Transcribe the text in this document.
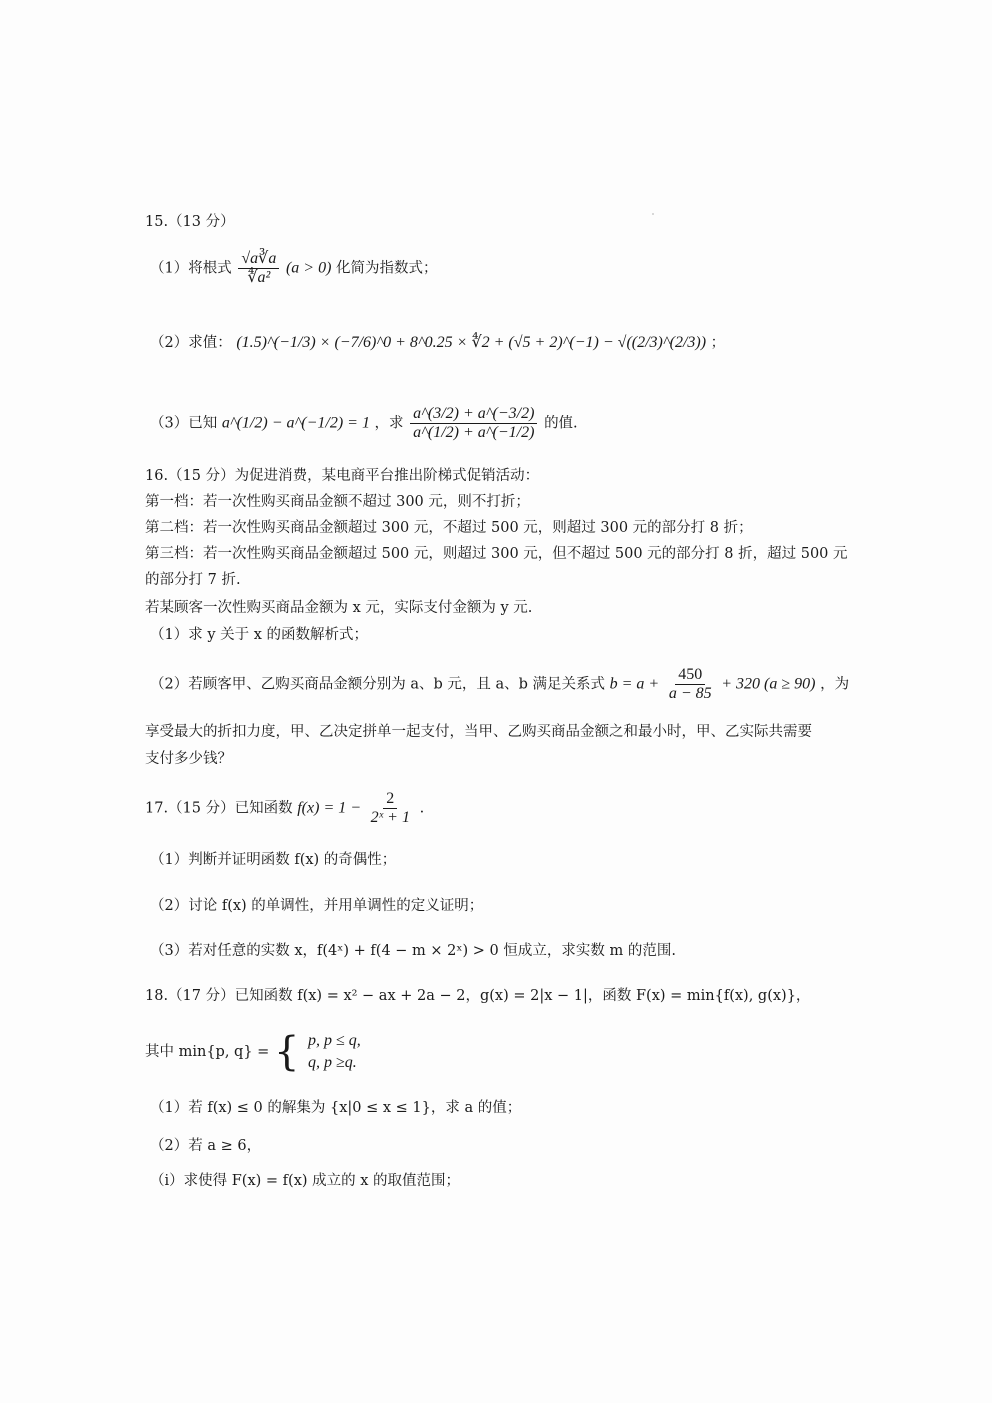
15.（13 分）
（1）将根式 $\frac{√a∛a}{\text{∜a²}} (a > 0)$ 化简为指数式；
（2）求值： (1.5)^(−1/3) × (−7/6)^0 + 8^0.25 × ∜2 + (√5 + 2)^(−1) − √((2/3)^(2/3)) ；
（3）已知 a^(1/2) − a^(−1/2) = 1 ，求 $\frac{a\^{}(3/2) + a\^{}(-3/2)}{a\^{}(1/2) + a\^{}(-1/2)}$ 的值.
16.（15 分）为促进消费，某电商平台推出阶梯式促销活动：
第一档：若一次性购买商品金额不超过 300 元，则不打折；
第二档：若一次性购买商品金额超过 300 元，不超过 500 元，则超过 300 元的部分打 8 折；
第三档：若一次性购买商品金额超过 500 元，则超过 300 元，但不超过 500 元的部分打 8 折，超过 500 元
的部分打 7 折.
若某顾客一次性购买商品金额为 x 元，实际支付金额为 y 元.
（1）求 y 关于 x 的函数解析式；
（2）若顾客甲、乙购买商品金额分别为 a、b 元，且 a、b 满足关系式 $b = a + \frac{450}{a - 85} + 320$ (a ≥ 90) ，为
享受最大的折扣力度，甲、乙决定拼单一起支付，当甲、乙购买商品金额之和最小时，甲、乙实际共需要
支付多少钱？
17.（15 分）已知函数 $f(x) = 1 - \frac{2}{\text{2ˣ + 1}}$ .
（1）判断并证明函数 f(x) 的奇偶性；
（2）讨论 f(x) 的单调性，并用单调性的定义证明；
（3）若对任意的实数 x，f(4ˣ) + f(4 − m × 2ˣ) > 0 恒成立，求实数 m 的范围.
18.（17 分）已知函数 f(x) = x² − ax + 2a − 2，g(x) = 2|x − 1|，函数 F(x) = min{f(x), g(x)}，
其中 min{p, q} = { p, p ≤ q,
q, p ≥q.
（1）若 f(x) ≤ 0 的解集为 {x|0 ≤ x ≤ 1}，求 a 的值；
（2）若 a ≥ 6，
（i）求使得 F(x) = f(x) 成立的 x 的取值范围；
